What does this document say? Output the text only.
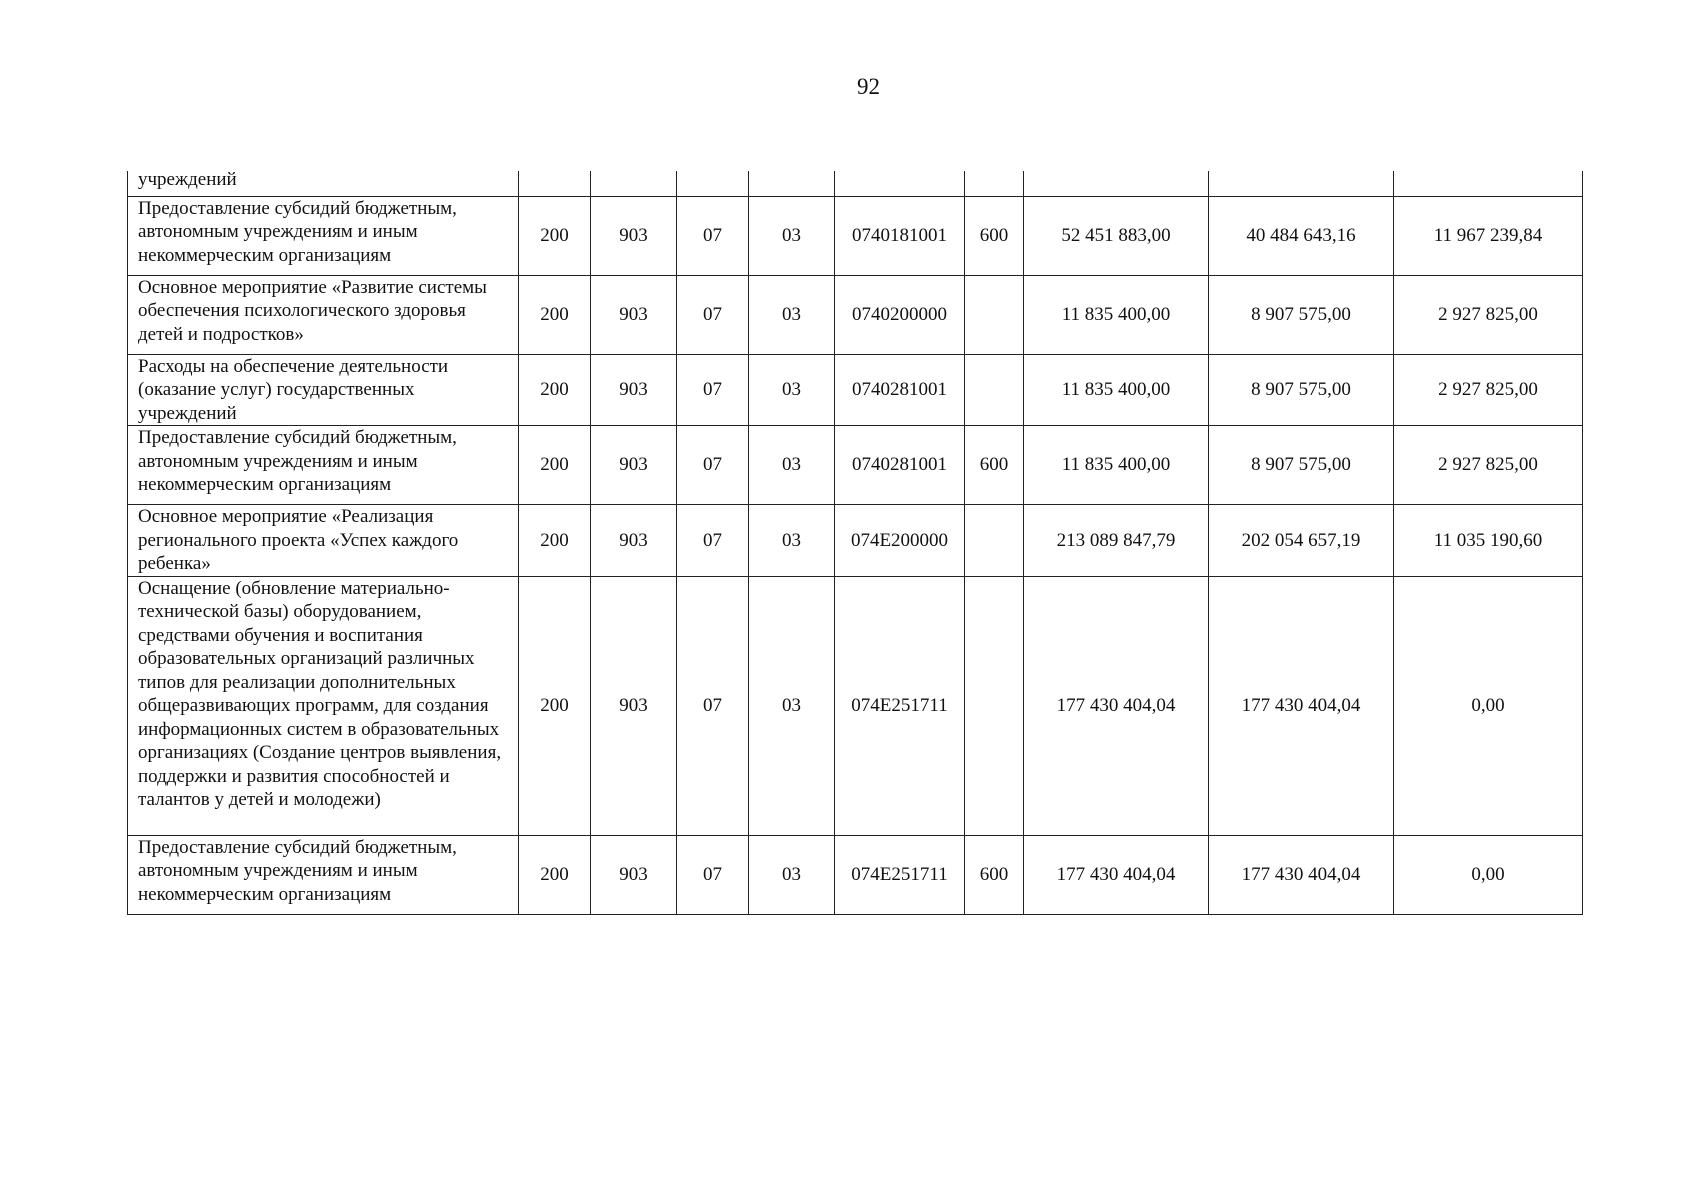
92
учреждений									
Предоставление субсидий бюджетным, автономным учреждениям и иным некоммерческим организациям	200	903	07	03	0740181001	600	52 451 883,00	40 484 643,16	11 967 239,84
Основное мероприятие «Развитие системы обеспечения психологического здоровья детей и подростков»	200	903	07	03	0740200000		11 835 400,00	8 907 575,00	2 927 825,00
Расходы на обеспечение деятельности (оказание услуг) государственных учреждений	200	903	07	03	0740281001		11 835 400,00	8 907 575,00	2 927 825,00
Предоставление субсидий бюджетным, автономным учреждениям и иным некоммерческим организациям	200	903	07	03	0740281001	600	11 835 400,00	8 907 575,00	2 927 825,00
Основное мероприятие «Реализация регионального проекта «Успех каждого ребенка»	200	903	07	03	074E200000		213 089 847,79	202 054 657,19	11 035 190,60
Оснащение (обновление материально-технической базы) оборудованием, средствами обучения и воспитания образовательных организаций различных типов для реализации дополнительных общеразвивающих программ, для создания информационных систем в образовательных организациях (Создание центров выявления, поддержки и развития способностей и талантов у детей и молодежи)	200	903	07	03	074E251711		177 430 404,04	177 430 404,04	0,00
Предоставление субсидий бюджетным, автономным учреждениям и иным некоммерческим организациям	200	903	07	03	074E251711	600	177 430 404,04	177 430 404,04	0,00
